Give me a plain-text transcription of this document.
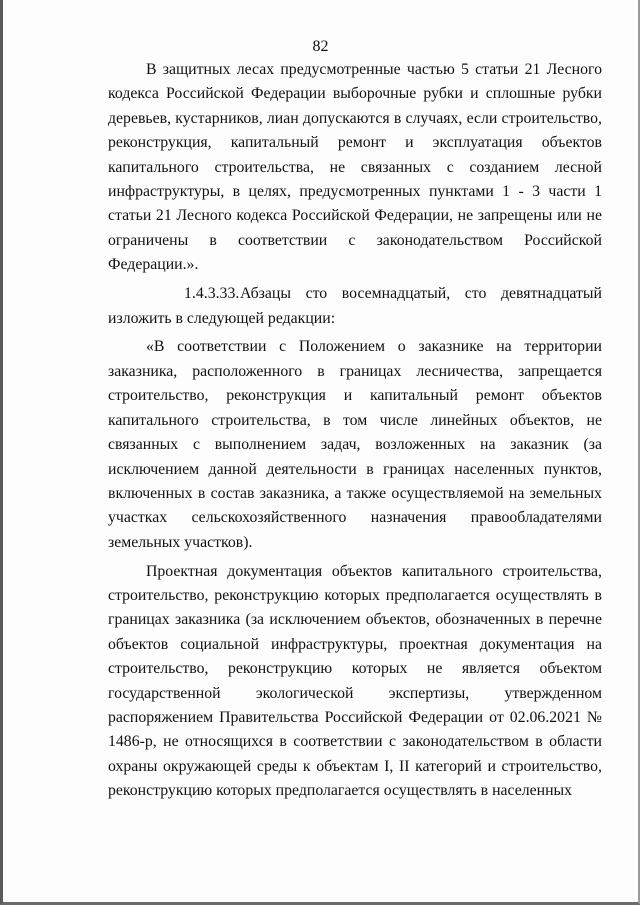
82

В защитных лесах предусмотренные частью 5 статьи 21 Лесного кодекса Российской Федерации выборочные рубки и сплошные рубки деревьев, кустарников, лиан допускаются в случаях, если строительство, реконструкция, капитальный ремонт и эксплуатация объектов капитального строительства, не связанных с созданием лесной инфраструктуры, в целях, предусмотренных пунктами 1 - 3 части 1 статьи 21 Лесного кодекса Российской Федерации, не запрещены или не ограничены в соответствии с законодательством Российской Федерации.».

1.4.3.33.Абзацы сто восемнадцатый, сто девятнадцатый изложить в следующей редакции:

«В соответствии с Положением о заказнике на территории заказника, расположенного в границах лесничества, запрещается строительство, реконструкция и капитальный ремонт объектов капитального строительства, в том числе линейных объектов, не связанных с выполнением задач, возложенных на заказник (за исключением данной деятельности в границах населенных пунктов, включенных в состав заказника, а также осуществляемой на земельных участках сельскохозяйственного назначения правообладателями земельных участков).

Проектная документация объектов капитального строительства, строительство, реконструкцию которых предполагается осуществлять в границах заказника (за исключением объектов, обозначенных в перечне объектов социальной инфраструктуры, проектная документация на строительство, реконструкцию которых не является объектом государственной экологической экспертизы, утвержденном распоряжением Правительства Российской Федерации от 02.06.2021 № 1486-р, не относящихся в соответствии с законодательством в области охраны окружающей среды к объектам I, II категорий и строительство, реконструкцию которых предполагается осуществлять в населенных
